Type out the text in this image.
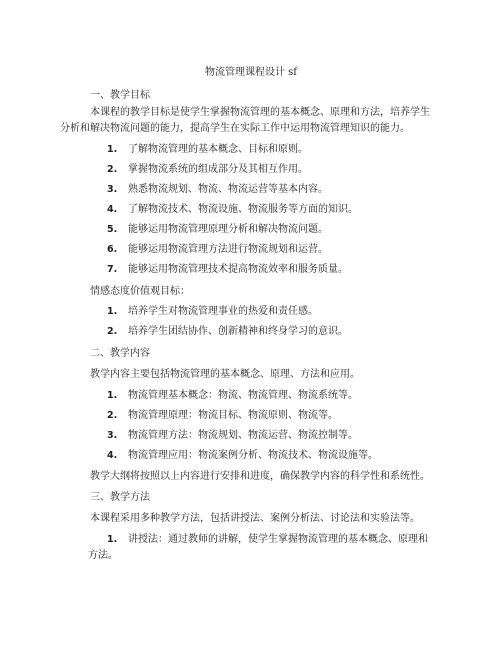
物流管理课程设计 sf
一、教学目标
本课程的教学目标是使学生掌握物流管理的基本概念、原理和方法，培养学生
分析和解决物流问题的能力，提高学生在实际工作中运用物流管理知识的能力。
1. 了解物流管理的基本概念、目标和原则。
2. 掌握物流系统的组成部分及其相互作用。
3. 熟悉物流规划、物流、物流运营等基本内容。
4. 了解物流技术、物流设施、物流服务等方面的知识。
5. 能够运用物流管理原理分析和解决物流问题。
6. 能够运用物流管理方法进行物流规划和运营。
7. 能够运用物流管理技术提高物流效率和服务质量。
情感态度价值观目标：
1. 培养学生对物流管理事业的热爱和责任感。
2. 培养学生团结协作、创新精神和终身学习的意识。
二、教学内容
教学内容主要包括物流管理的基本概念、原理、方法和应用。
1. 物流管理基本概念：物流、物流管理、物流系统等。
2. 物流管理原理：物流目标、物流原则、物流等。
3. 物流管理方法：物流规划、物流运营、物流控制等。
4. 物流管理应用：物流案例分析、物流技术、物流设施等。
教学大纲将按照以上内容进行安排和进度，确保教学内容的科学性和系统性。
三、教学方法
本课程采用多种教学方法，包括讲授法、案例分析法、讨论法和实验法等。
1. 讲授法：通过教师的讲解，使学生掌握物流管理的基本概念、原理和
方法。
